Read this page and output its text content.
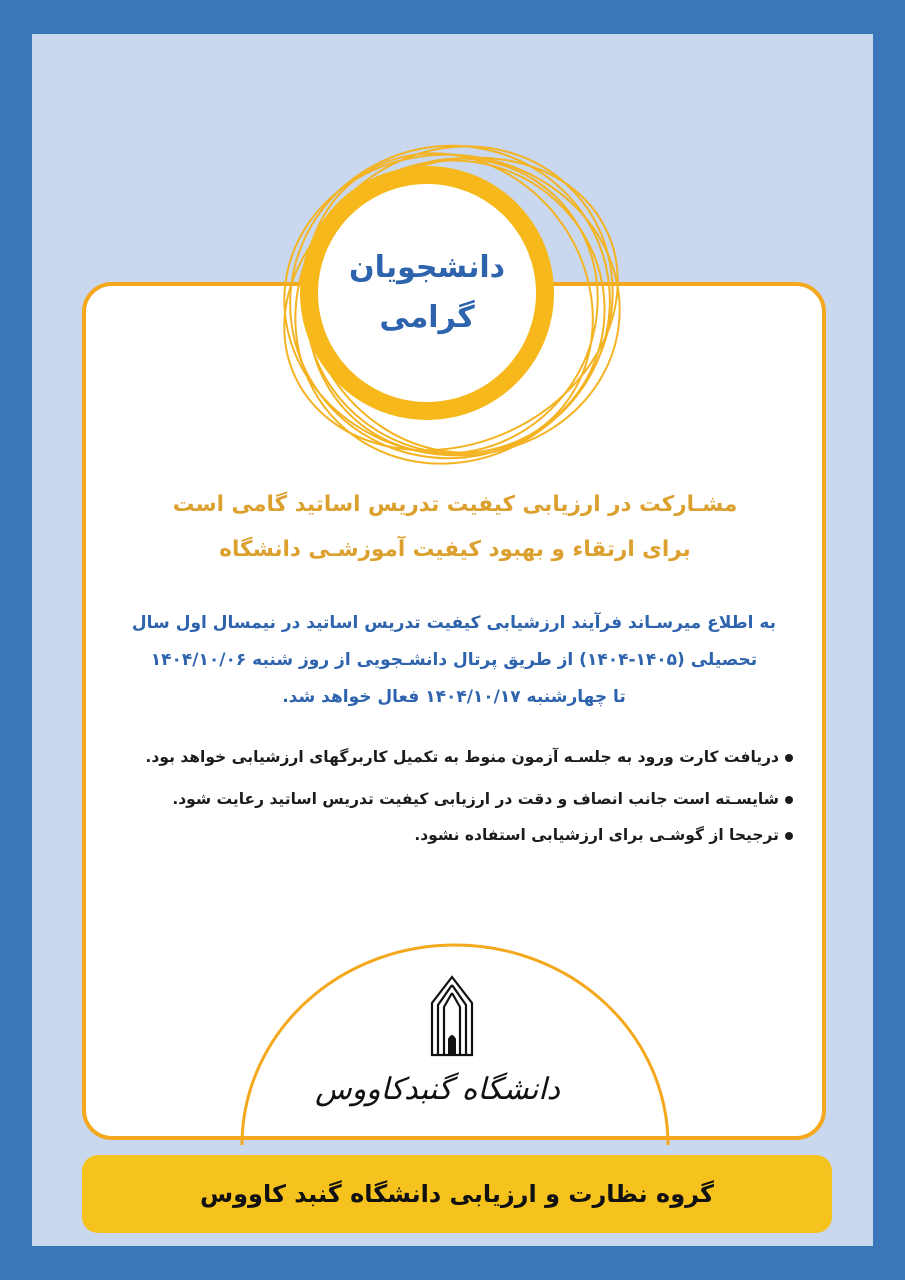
دانشجویان
گرامی
مشـارکت در ارزیابی کیفیت تدریس اساتید گامی است
برای ارتقاء و بهبود کیفیت آموزشـی دانشگاه
به اطلاع میرسـاند فرآیند ارزشیابی کیفیت تدریس اساتید در نیمسال اول سال
تحصیلی (۱۴۰۵-۱۴۰۴) از طریق پرتال دانشـجویی از روز شنبه ۱۴۰۴/۱۰/۰۶
تا چهارشنبه ۱۴۰۴/۱۰/۱۷ فعال خواهد شد.
دریافت کارت ورود به جلسـه آزمون منوط به تکمیل کاربرگهای ارزشیابی خواهد بود.
شایسـته است جانب انصاف و دقت در ارزیابی کیفیت تدریس اساتید رعایت شود.
ترجیحا از گوشـی برای ارزشیابی استفاده نشود.
دانشگاه گنبدکاووس
گروه نظارت و ارزیابی دانشگاه گنبد کاووس
